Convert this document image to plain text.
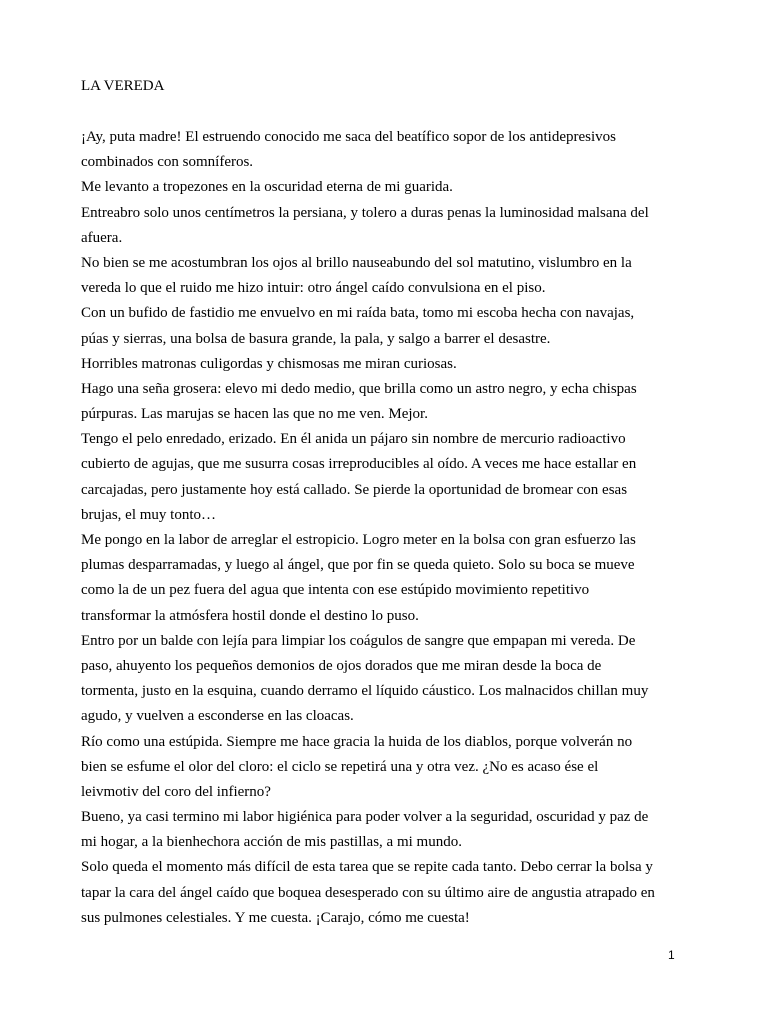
LA VEREDA
¡Ay, puta madre! El estruendo conocido me saca del beatífico sopor de los antidepresivos
combinados con somníferos.
Me levanto a tropezones en la oscuridad eterna de mi guarida.
Entreabro solo unos centímetros la persiana, y tolero a duras penas la luminosidad malsana del
afuera.
No bien se me acostumbran los ojos al brillo nauseabundo del sol matutino, vislumbro en la
vereda lo que el ruido me hizo intuir: otro ángel caído convulsiona en el piso.
Con un bufido de fastidio me envuelvo en mi raída bata, tomo mi escoba hecha con navajas,
púas y sierras, una bolsa de basura grande, la pala, y salgo a barrer el desastre.
Horribles matronas culigordas y chismosas me miran curiosas.
Hago una seña grosera: elevo mi dedo medio, que brilla como un astro negro, y echa chispas
púrpuras. Las marujas se hacen las que no me ven. Mejor.
Tengo el pelo enredado, erizado. En él anida un pájaro sin nombre de mercurio radioactivo
cubierto de agujas, que me susurra cosas irreproducibles al oído. A veces me hace estallar en
carcajadas, pero justamente hoy está callado. Se pierde la oportunidad de bromear con esas
brujas, el muy tonto…
Me pongo en la labor de arreglar el estropicio. Logro meter en la bolsa con gran esfuerzo las
plumas desparramadas, y luego al ángel, que por fin se queda quieto. Solo su boca se mueve
como la de un pez fuera del agua que intenta con ese estúpido movimiento repetitivo
transformar la atmósfera hostil donde el destino lo puso.
Entro por un balde con lejía para limpiar los coágulos de sangre que empapan mi vereda. De
paso, ahuyento los pequeños demonios de ojos dorados que me miran desde la boca de
tormenta, justo en la esquina, cuando derramo el líquido cáustico. Los malnacidos chillan muy
agudo, y vuelven a esconderse en las cloacas.
Río como una estúpida. Siempre me hace gracia la huida de los diablos, porque volverán no
bien se esfume el olor del cloro: el ciclo se repetirá una y otra vez. ¿No es acaso ése el
leivmotiv del coro del infierno?
Bueno, ya casi termino mi labor higiénica para poder volver a la seguridad, oscuridad y paz de
mi hogar, a la bienhechora acción de mis pastillas, a mi mundo.
Solo queda el momento más difícil de esta tarea que se repite cada tanto. Debo cerrar la bolsa y
tapar la cara del ángel caído que boquea desesperado con su último aire de angustia atrapado en
sus pulmones celestiales. Y me cuesta. ¡Carajo, cómo me cuesta!
1
